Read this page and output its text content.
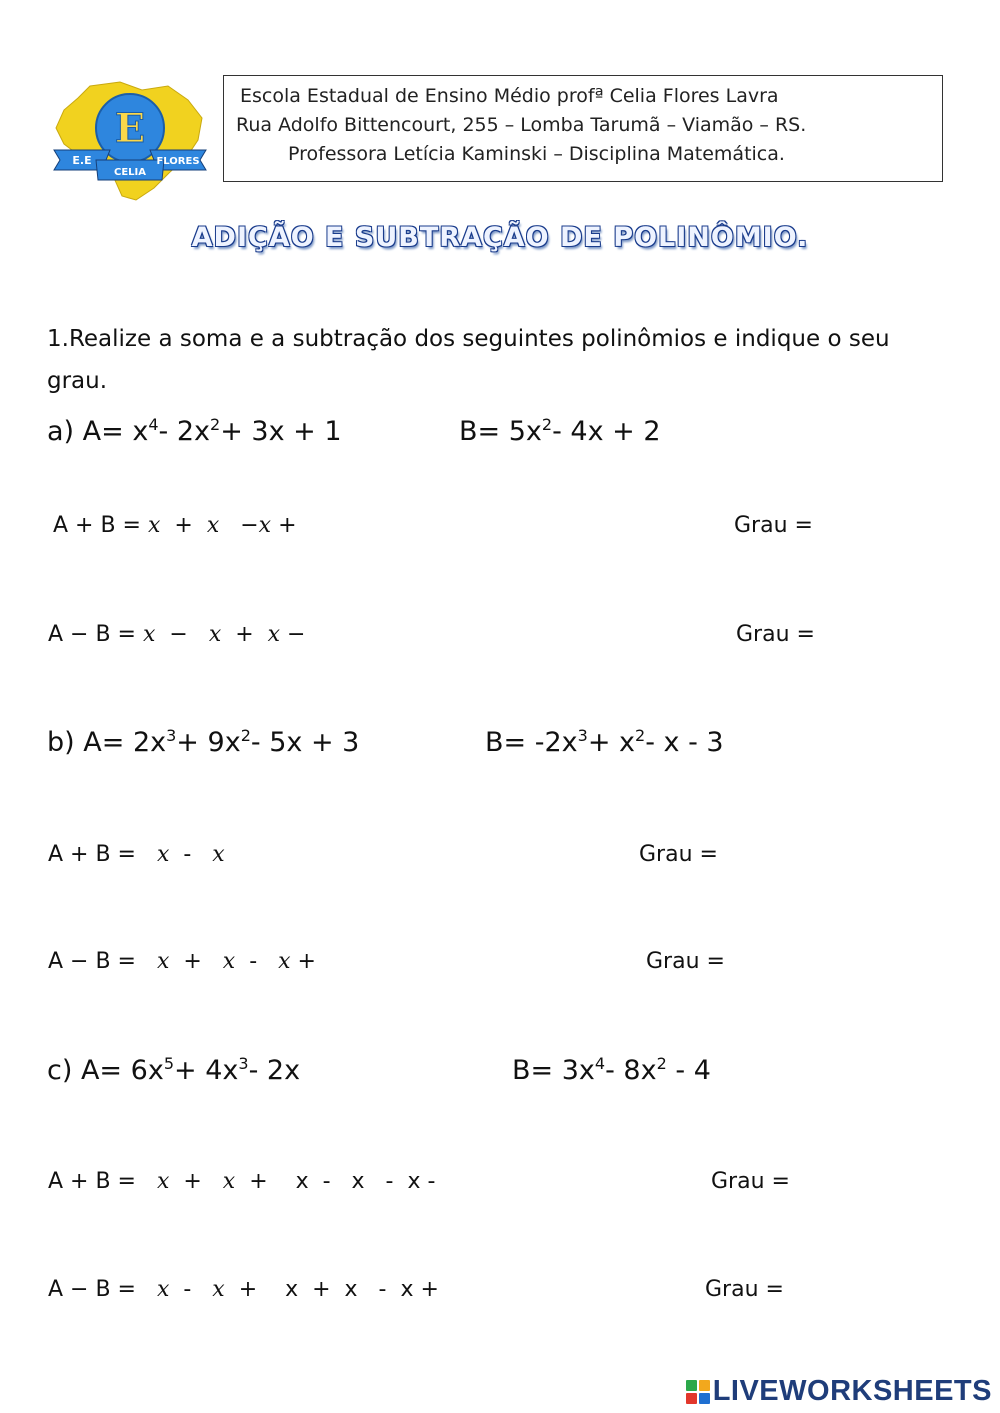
E
E.E
CELIA
FLORES
Escola Estadual de Ensino Médio profª Celia Flores Lavra
Rua Adolfo Bittencourt, 255 – Lomba Tarumã – Viamão – RS.
Professora Letícia Kaminski – Disciplina Matemática.
ADIÇÃO E SUBTRAÇÃO DE POLINÔMIO.
1.Realize a soma e a subtração dos seguintes polinômios e indique o seu grau.
a) $A= x^4-$ $2x^2+ 3x + 1$	$B= 5x^2-$ 4x + 2
A + B = x  +  x   −x +	Grau =
A − B = x  −   x  +  x −	Grau =
b) $A= 2x^3+ 9x^2-$ 5x + 3	$B= -2x^3+ x^2-$ x - 3
A + B =   x  -   x	Grau =
A − B =   x  +   x  -   x +	Grau =
c) $A= 6x^5+ 4x^3-$ 2x	$B= 3x^4-$ $8x^2 - 4$
A + B =   x  +   x  +    x  -   x   -  x -	Grau =
A − B =   x  -   x  +    x  +  x   -  x +	Grau =
LIVEWORKSHEETS
